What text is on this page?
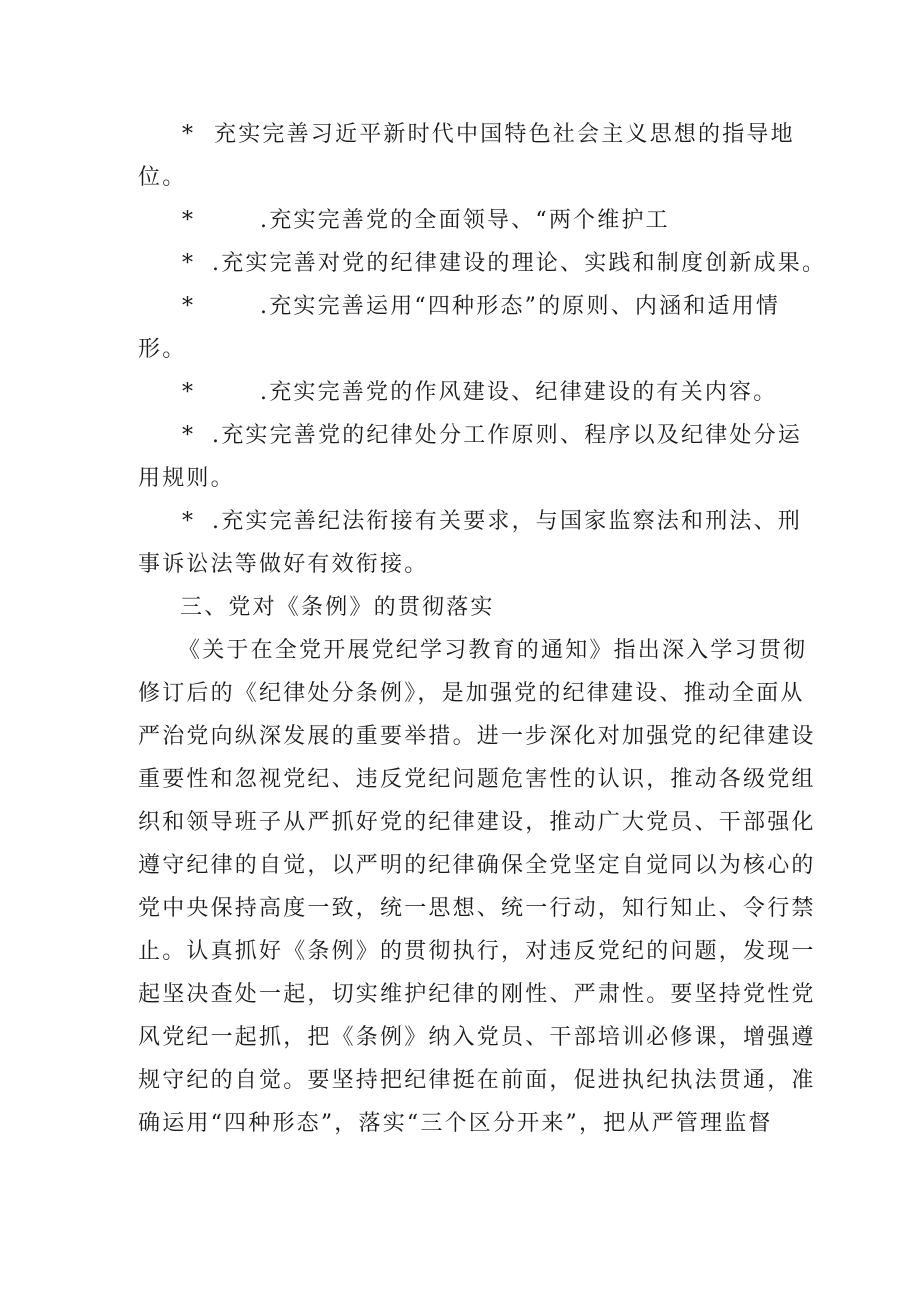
* 充实完善习近平新时代中国特色社会主义思想的指导地
位。
*	.充实完善党的全面领导、“两个维护工
* .充实完善对党的纪律建设的理论、实践和制度创新成果。
*	.充实完善运用“四种形态”的原则、内涵和适用情
形。
*	.充实完善党的作风建设、纪律建设的有关内容。
* .充实完善党的纪律处分工作原则、程序以及纪律处分运
用规则。
* .充实完善纪法衔接有关要求，与国家监察法和刑法、刑
事诉讼法等做好有效衔接。
三、党对《条例》的贯彻落实
《关于在全党开展党纪学习教育的通知》指出深入学习贯彻
修订后的《纪律处分条例》，是加强党的纪律建设、推动全面从
严治党向纵深发展的重要举措。进一步深化对加强党的纪律建设
重要性和忽视党纪、违反党纪问题危害性的认识，推动各级党组
织和领导班子从严抓好党的纪律建设，推动广大党员、干部强化
遵守纪律的自觉，以严明的纪律确保全党坚定自觉同以为核心的
党中央保持高度一致，统一思想、统一行动，知行知止、令行禁
止。认真抓好《条例》的贯彻执行，对违反党纪的问题，发现一
起坚决查处一起，切实维护纪律的刚性、严肃性。要坚持党性党
风党纪一起抓，把《条例》纳入党员、干部培训必修课，增强遵
规守纪的自觉。要坚持把纪律挺在前面，促进执纪执法贯通，准
确运用“四种形态”，落实“三个区分开来”，把从严管理监督
